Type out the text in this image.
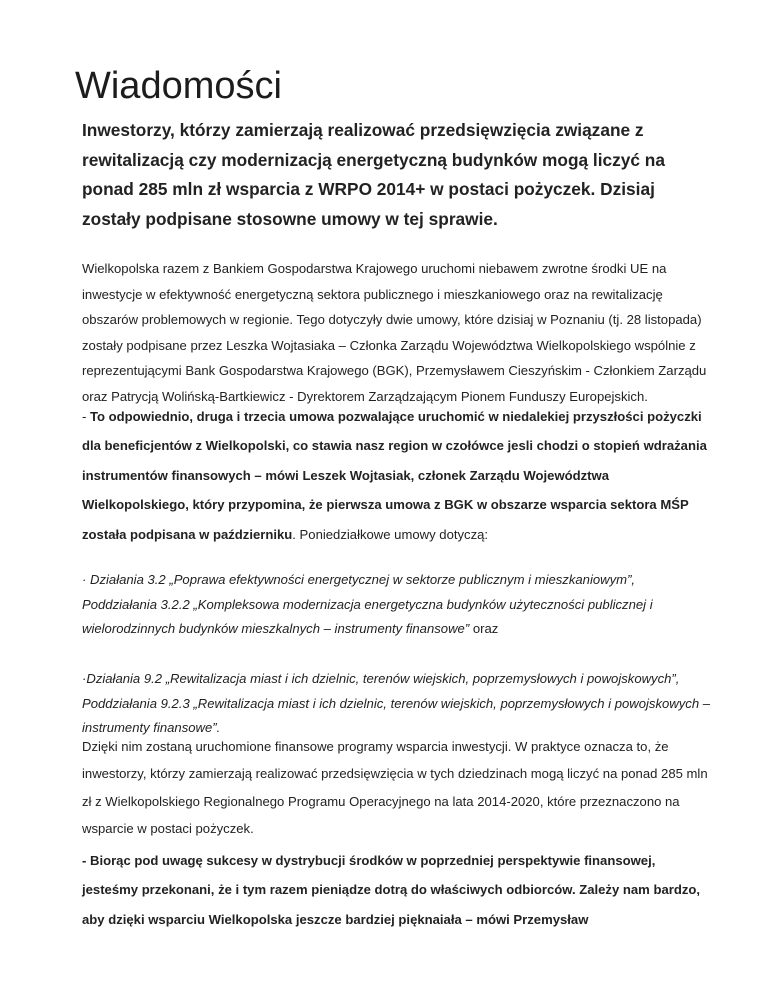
Wiadomości

Inwestorzy, którzy zamierzają realizować przedsięwzięcia związane z rewitalizacją czy modernizacją energetyczną budynków mogą liczyć na ponad 285 mln zł wsparcia z WRPO 2014+ w postaci pożyczek. Dzisiaj zostały podpisane stosowne umowy w tej sprawie.

Wielkopolska razem z Bankiem Gospodarstwa Krajowego uruchomi niebawem zwrotne środki UE na inwestycje w efektywność energetyczną sektora publicznego i mieszkaniowego oraz na rewitalizację obszarów problemowych w regionie. Tego dotyczyły dwie umowy, które dzisiaj w Poznaniu (tj. 28 listopada) zostały podpisane przez Leszka Wojtasiaka – Członka Zarządu Województwa Wielkopolskiego wspólnie z reprezentującymi Bank Gospodarstwa Krajowego (BGK), Przemysławem Cieszyńskim - Członkiem Zarządu oraz Patrycją Wolińską-Bartkiewicz - Dyrektorem Zarządzającym Pionem Funduszy Europejskich.

- To odpowiednio, druga i trzecia umowa pozwalające uruchomić w niedalekiej przyszłości pożyczki dla beneficjentów z Wielkopolski, co stawia nasz region w czołówce jesli chodzi o stopień wdrażania instrumentów finansowych – mówi Leszek Wojtasiak, członek Zarządu Województwa Wielkopolskiego, który przypomina, że pierwsza umowa z BGK w obszarze wsparcia sektora MŚP została podpisana w październiku. Poniedziałkowe umowy dotyczą:

· Działania 3.2 „Poprawa efektywności energetycznej w sektorze publicznym i mieszkaniowym”, Poddziałania 3.2.2 „Kompleksowa modernizacja energetyczna budynków użyteczności publicznej i wielorodzinnych budynków mieszkalnych – instrumenty finansowe” oraz

·Działania 9.2 „Rewitalizacja miast i ich dzielnic, terenów wiejskich, poprzemysłowych i powojskowych”, Poddziałania 9.2.3 „Rewitalizacja miast i ich dzielnic, terenów wiejskich, poprzemysłowych i powojskowych – instrumenty finansowe”.

Dzięki nim zostaną uruchomione finansowe programy wsparcia inwestycji. W praktyce oznacza to, że inwestorzy, którzy zamierzają realizować przedsięwzięcia w tych dziedzinach mogą liczyć na ponad 285 mln zł z Wielkopolskiego Regionalnego Programu Operacyjnego na lata 2014-2020, które przeznaczono na wsparcie w postaci pożyczek.

- Biorąc pod uwagę sukcesy w dystrybucji środków w poprzedniej perspektywie finansowej, jesteśmy przekonani, że i tym razem pieniądze dotrą do właściwych odbiorców. Zależy nam bardzo, aby dzięki wsparciu Wielkopolska jeszcze bardziej pięknaiała – mówi Przemysław
